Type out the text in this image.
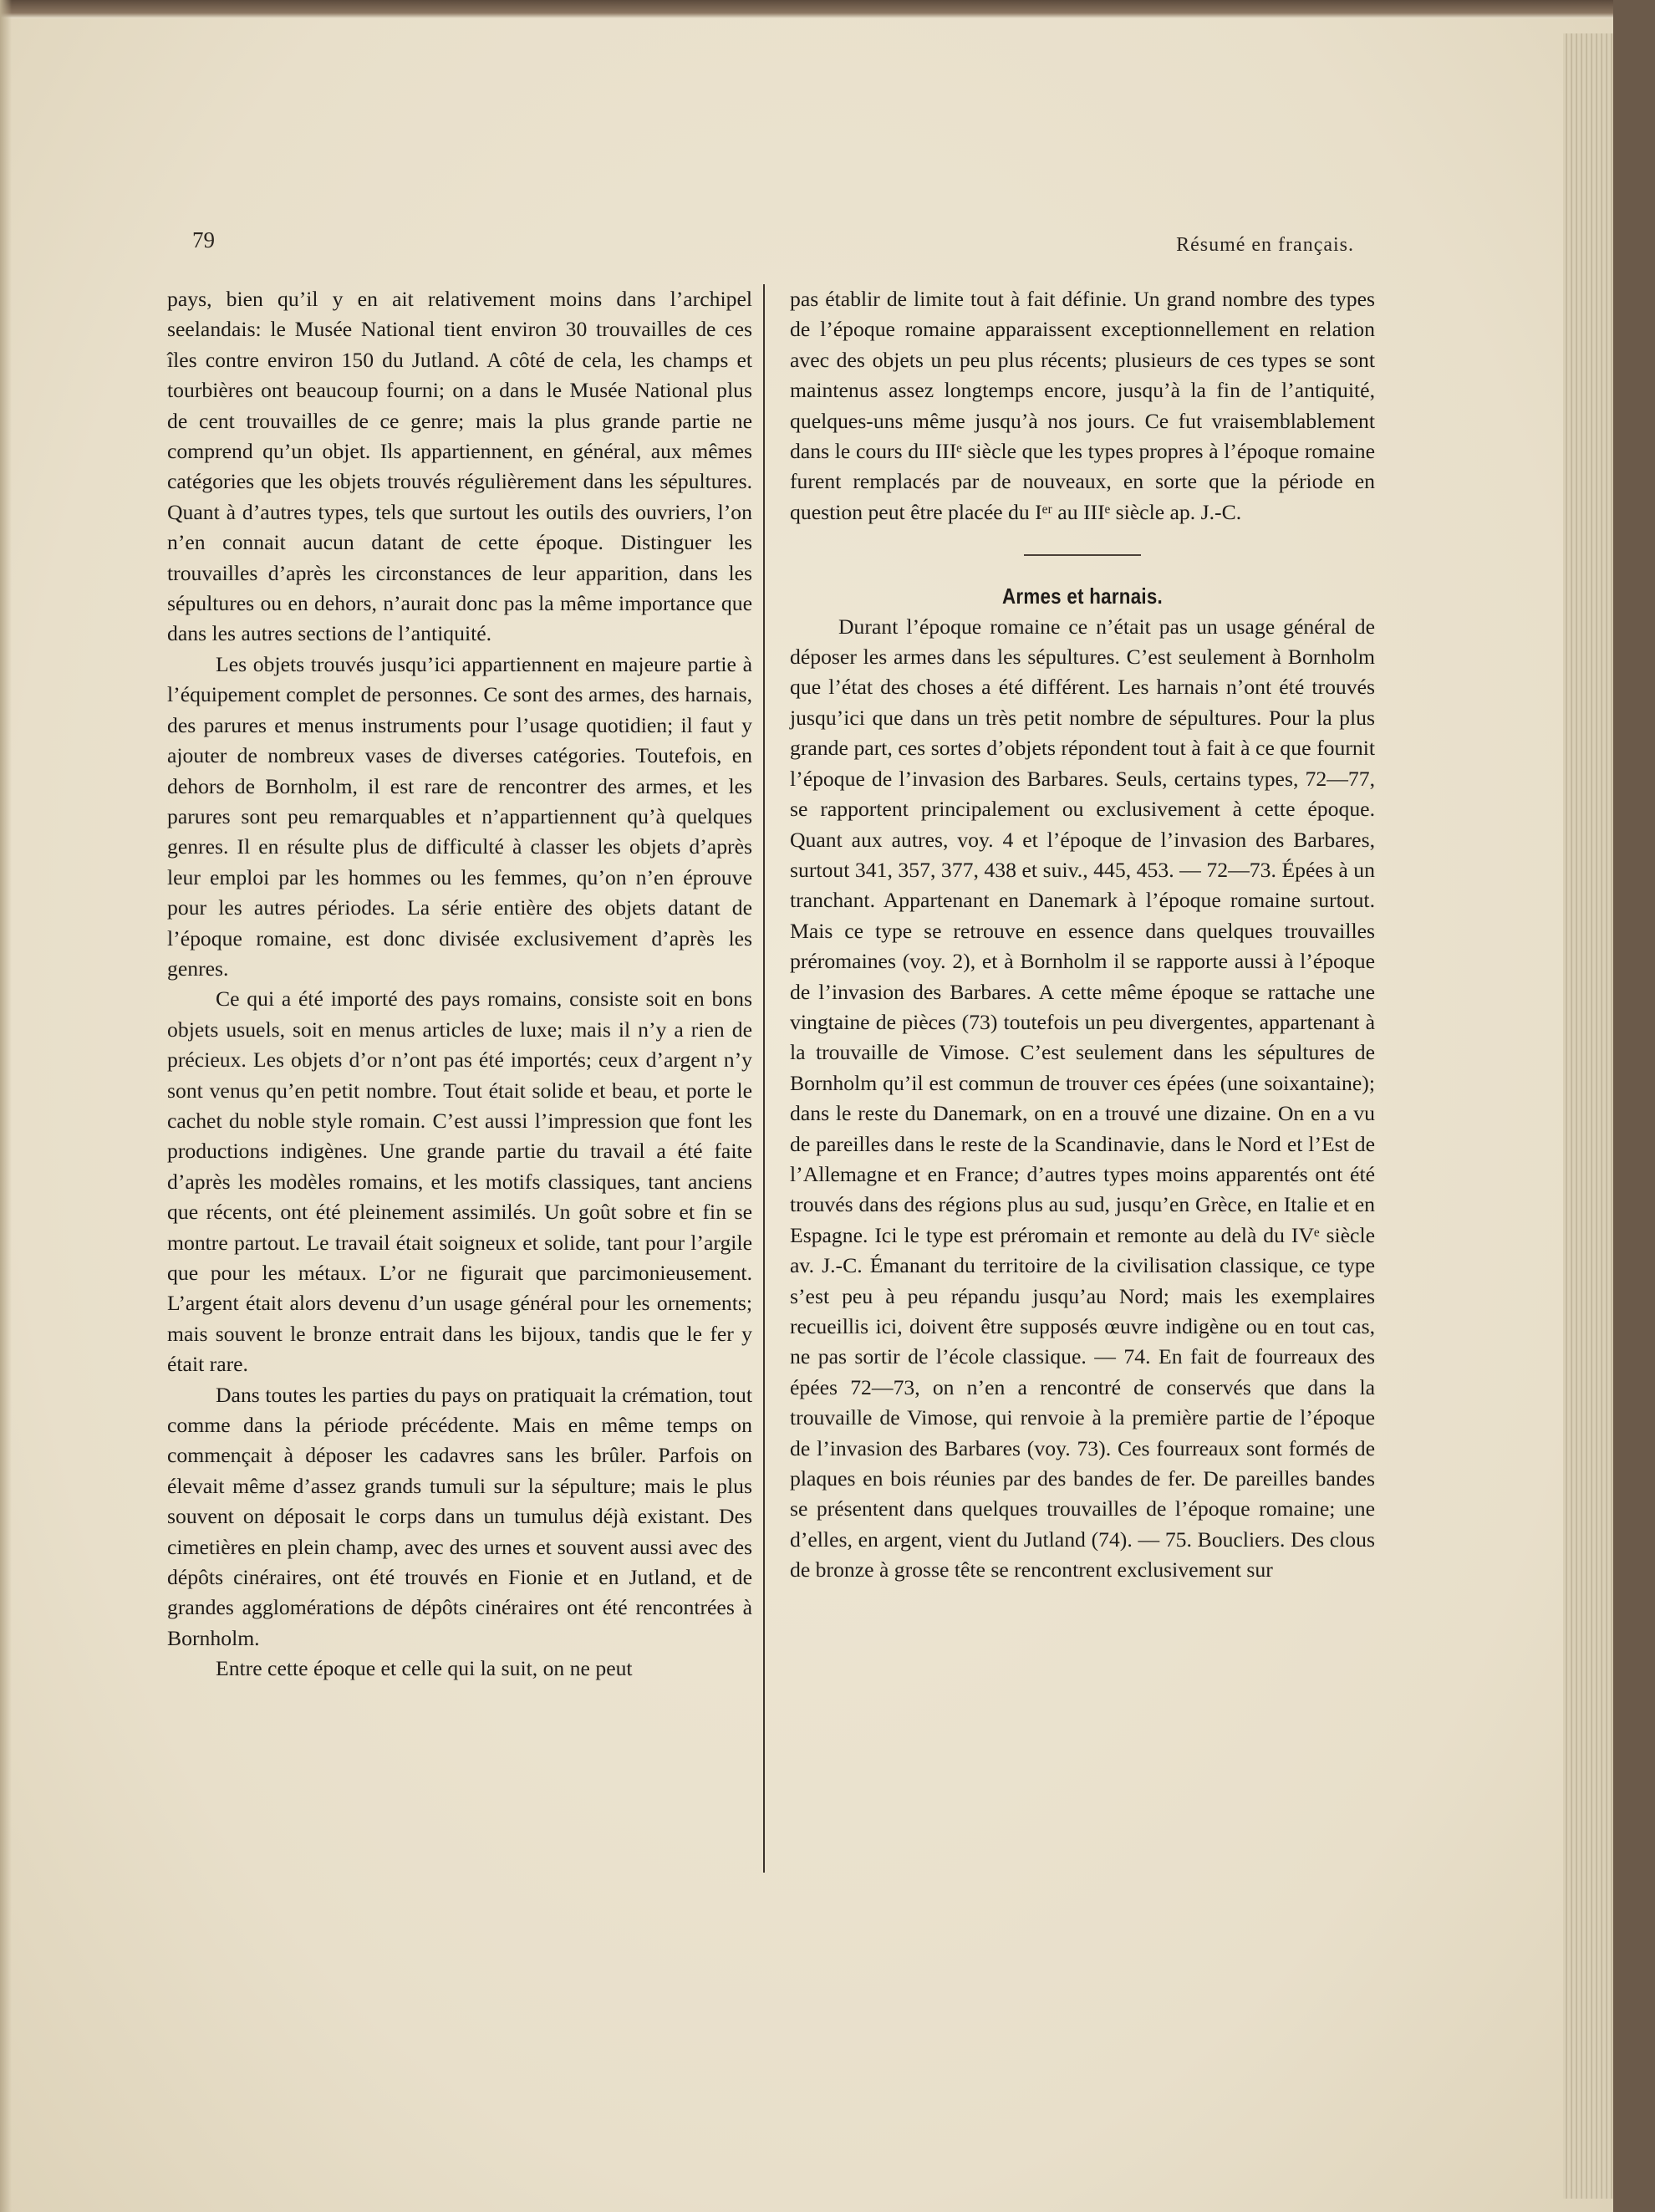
79	Résumé en français.

pays, bien qu’il y en ait relativement moins dans l’archipel seelandais: le Musée National tient environ 30 trouvailles de ces îles contre environ 150 du Jutland. A côté de cela, les champs et tourbières ont beaucoup fourni; on a dans le Musée National plus de cent trouvailles de ce genre; mais la plus grande partie ne comprend qu’un objet. Ils appartiennent, en général, aux mêmes catégories que les objets trouvés régulièrement dans les sépultures. Quant à d’autres types, tels que surtout les outils des ouvriers, l’on n’en connait aucun datant de cette époque. Distinguer les trouvailles d’après les circonstances de leur apparition, dans les sépultures ou en dehors, n’aurait donc pas la même importance que dans les autres sections de l’antiquité.

Les objets trouvés jusqu’ici appartiennent en majeure partie à l’équipement complet de personnes. Ce sont des armes, des harnais, des parures et menus instruments pour l’usage quotidien; il faut y ajouter de nombreux vases de diverses catégories. Toutefois, en dehors de Bornholm, il est rare de rencontrer des armes, et les parures sont peu remarquables et n’appartiennent qu’à quelques genres. Il en résulte plus de difficulté à classer les objets d’après leur emploi par les hommes ou les femmes, qu’on n’en éprouve pour les autres périodes. La série entière des objets datant de l’époque romaine, est donc divisée exclusivement d’après les genres.

Ce qui a été importé des pays romains, consiste soit en bons objets usuels, soit en menus articles de luxe; mais il n’y a rien de précieux. Les objets d’or n’ont pas été importés; ceux d’argent n’y sont venus qu’en petit nombre. Tout était solide et beau, et porte le cachet du noble style romain. C’est aussi l’impression que font les productions indigènes. Une grande partie du travail a été faite d’après les modèles romains, et les motifs classiques, tant anciens que récents, ont été pleinement assimilés. Un goût sobre et fin se montre partout. Le travail était soigneux et solide, tant pour l’argile que pour les métaux. L’or ne figurait que parcimonieusement. L’argent était alors devenu d’un usage général pour les ornements; mais souvent le bronze entrait dans les bijoux, tandis que le fer y était rare.

Dans toutes les parties du pays on pratiquait la crémation, tout comme dans la période précédente. Mais en même temps on commençait à déposer les cadavres sans les brûler. Parfois on élevait même d’assez grands tumuli sur la sépulture; mais le plus souvent on déposait le corps dans un tumulus déjà existant. Des cimetières en plein champ, avec des urnes et souvent aussi avec des dépôts cinéraires, ont été trouvés en Fionie et en Jutland, et de grandes agglomérations de dépôts cinéraires ont été rencontrées à Bornholm.

Entre cette époque et celle qui la suit, on ne peut

pas établir de limite tout à fait définie. Un grand nombre des types de l’époque romaine apparaissent exceptionnellement en relation avec des objets un peu plus récents; plusieurs de ces types se sont maintenus assez longtemps encore, jusqu’à la fin de l’antiquité, quelques-uns même jusqu’à nos jours. Ce fut vraisemblablement dans le cours du IIIᵉ siècle que les types propres à l’époque romaine furent remplacés par de nouveaux, en sorte que la période en question peut être placée du Iᵉʳ au IIIᵉ siècle ap. J.-C.

Armes et harnais.

Durant l’époque romaine ce n’était pas un usage général de déposer les armes dans les sépultures. C’est seulement à Bornholm que l’état des choses a été différent. Les harnais n’ont été trouvés jusqu’ici que dans un très petit nombre de sépultures. Pour la plus grande part, ces sortes d’objets répondent tout à fait à ce que fournit l’époque de l’invasion des Barbares. Seuls, certains types, 72—77, se rapportent principalement ou exclusivement à cette époque. Quant aux autres, voy. 4 et l’époque de l’invasion des Barbares, surtout 341, 357, 377, 438 et suiv., 445, 453. — 72—73. Épées à un tranchant. Appartenant en Danemark à l’époque romaine surtout. Mais ce type se retrouve en essence dans quelques trouvailles préromaines (voy. 2), et à Bornholm il se rapporte aussi à l’époque de l’invasion des Barbares. A cette même époque se rattache une vingtaine de pièces (73) toutefois un peu divergentes, appartenant à la trouvaille de Vimose. C’est seulement dans les sépultures de Bornholm qu’il est commun de trouver ces épées (une soixantaine); dans le reste du Danemark, on en a trouvé une dizaine. On en a vu de pareilles dans le reste de la Scandinavie, dans le Nord et l’Est de l’Allemagne et en France; d’autres types moins apparentés ont été trouvés dans des régions plus au sud, jusqu’en Grèce, en Italie et en Espagne. Ici le type est préromain et remonte au delà du IVᵉ siècle av. J.-C. Émanant du territoire de la civilisation classique, ce type s’est peu à peu répandu jusqu’au Nord; mais les exemplaires recueillis ici, doivent être supposés œuvre indigène ou en tout cas, ne pas sortir de l’école classique. — 74. En fait de fourreaux des épées 72—73, on n’en a rencontré de conservés que dans la trouvaille de Vimose, qui renvoie à la première partie de l’époque de l’invasion des Barbares (voy. 73). Ces fourreaux sont formés de plaques en bois réunies par des bandes de fer. De pareilles bandes se présentent dans quelques trouvailles de l’époque romaine; une d’elles, en argent, vient du Jutland (74). — 75. Boucliers. Des clous de bronze à grosse tête se rencontrent exclusivement sur
